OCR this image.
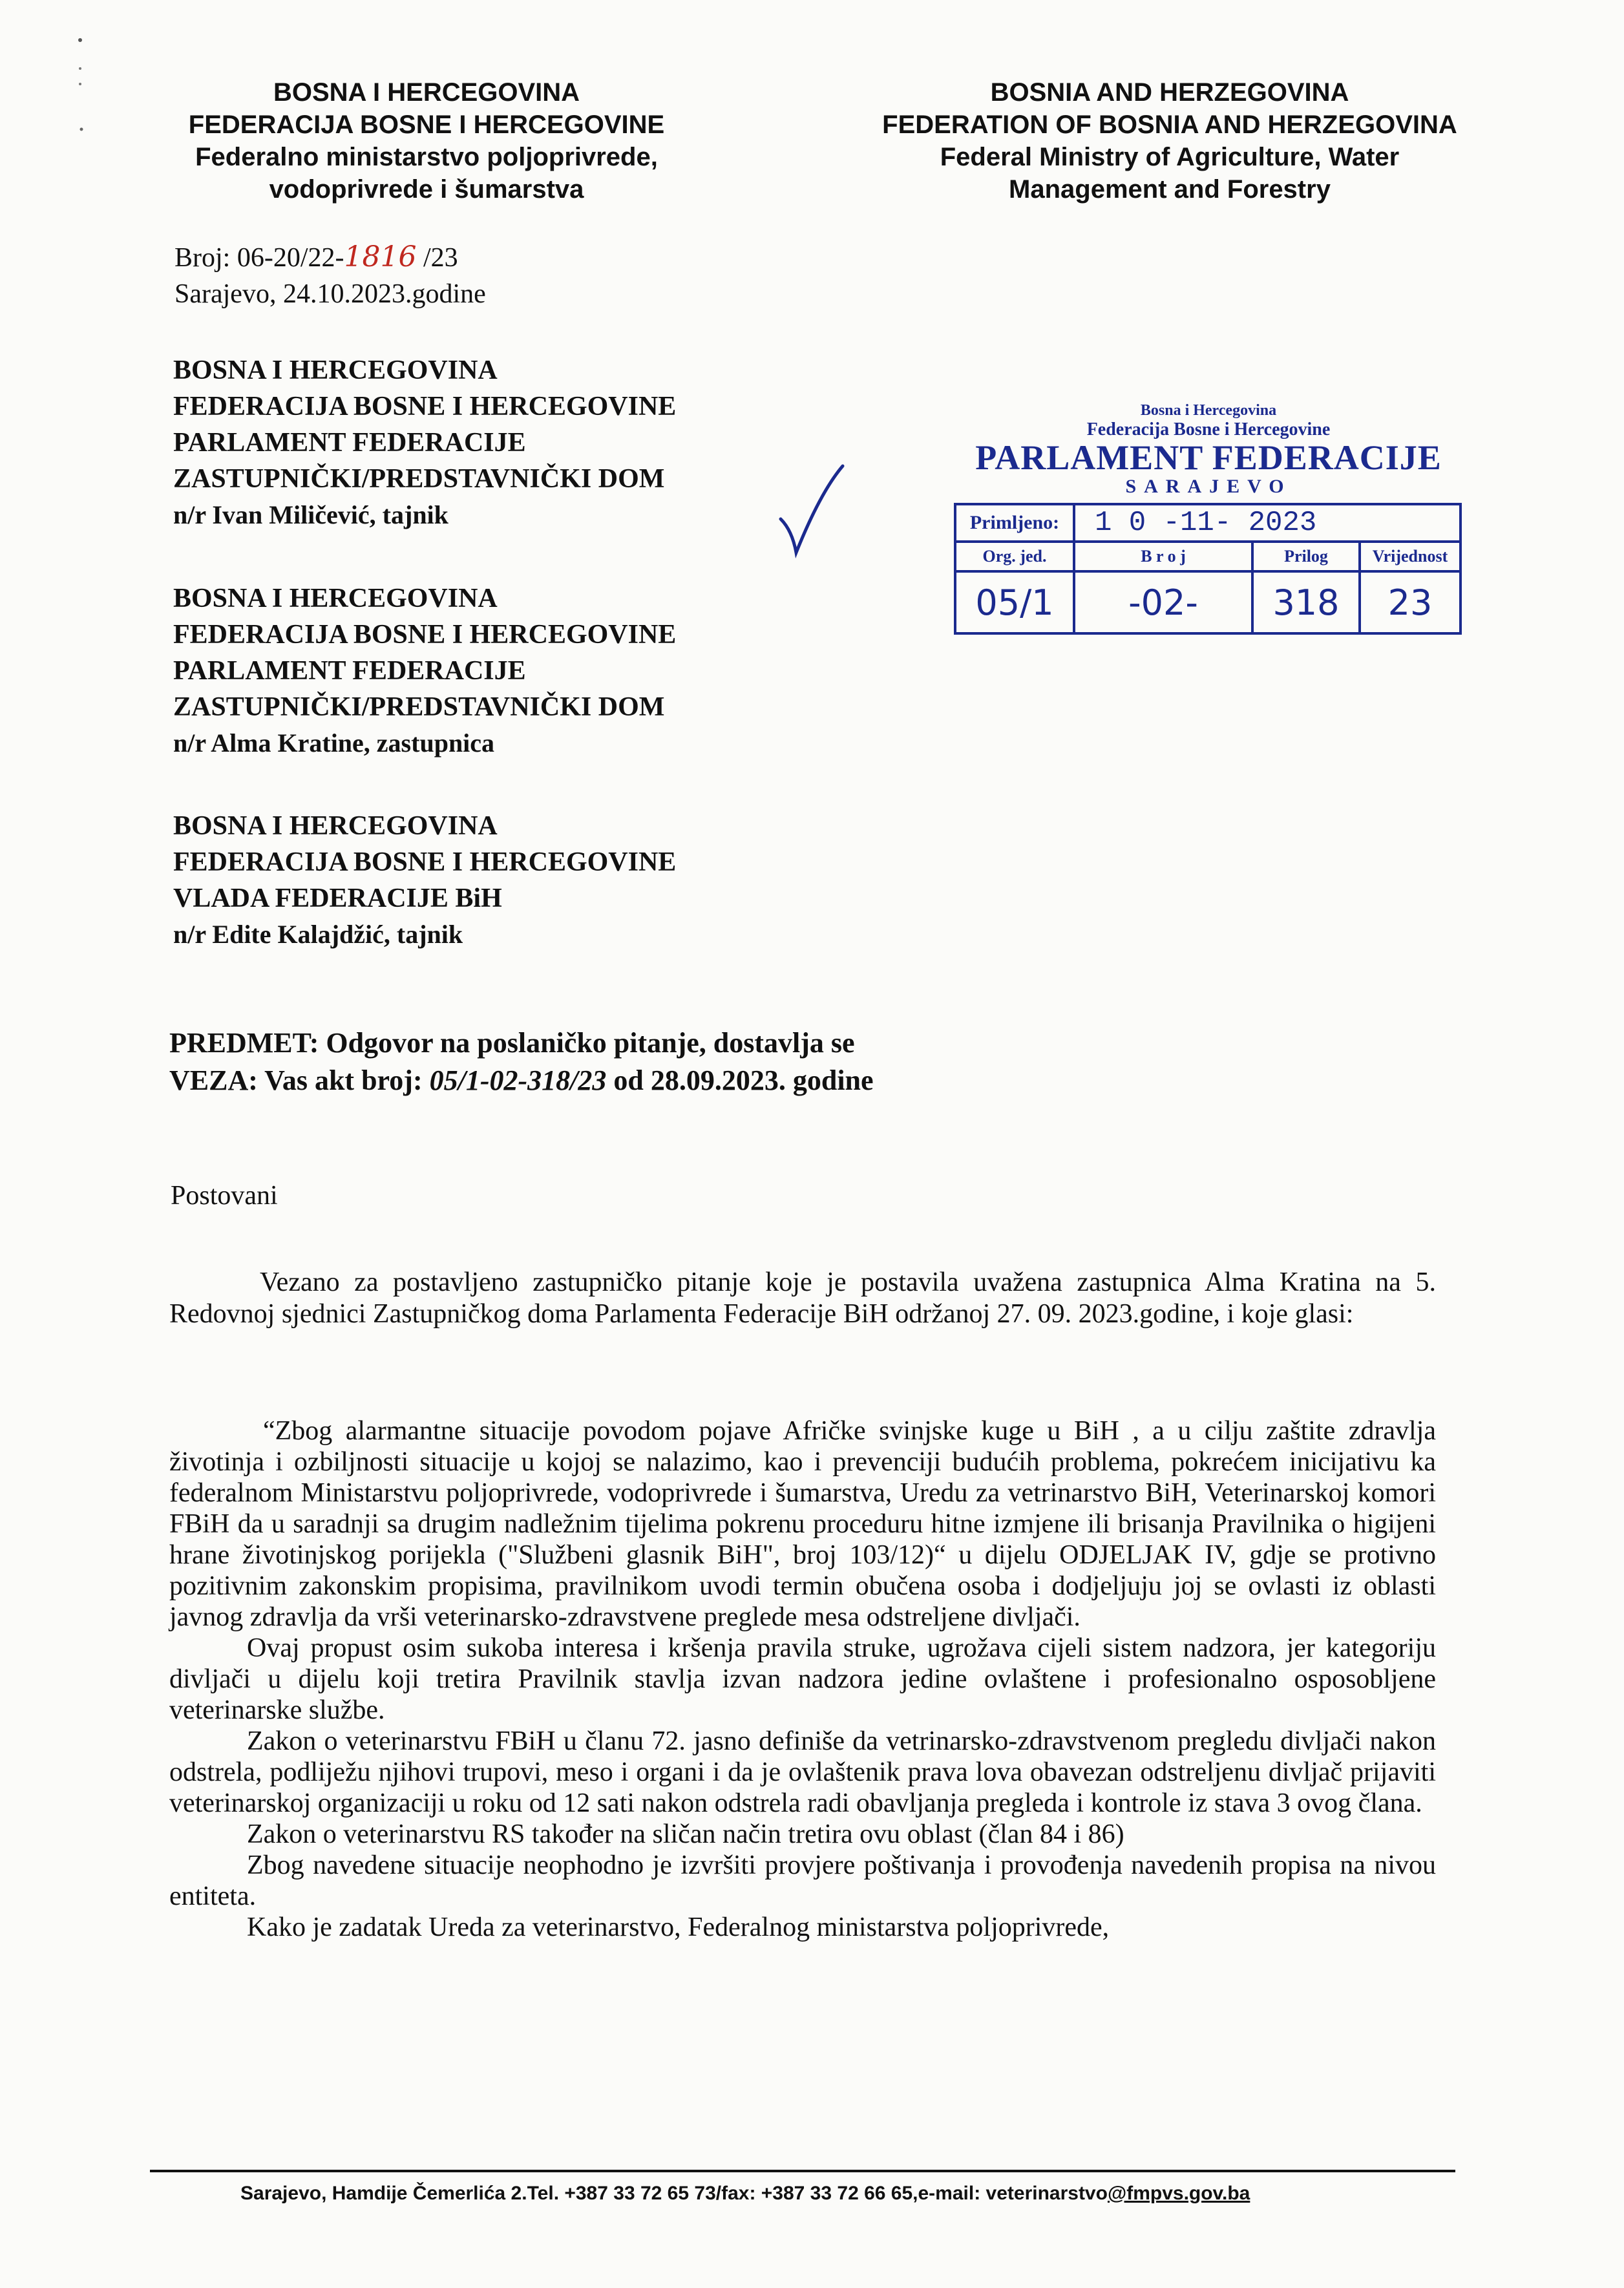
BOSNA I HERCEGOVINA
FEDERACIJA BOSNE I HERCEGOVINE
Federalno ministarstvo poljoprivrede,
vodoprivrede i šumarstva
BOSNIA AND HERZEGOVINA
FEDERATION OF BOSNIA AND HERZEGOVINA
Federal Ministry of Agriculture, Water
Management and Forestry
Broj: 06-20/22-1816 /23
Sarajevo, 24.10.2023.godine
BOSNA I HERCEGOVINA
FEDERACIJA BOSNE I HERCEGOVINE
PARLAMENT FEDERACIJE
ZASTUPNIČKI/PREDSTAVNIČKI DOM
n/r Ivan Miličević, tajnik
BOSNA I HERCEGOVINA
FEDERACIJA BOSNE I HERCEGOVINE
PARLAMENT FEDERACIJE
ZASTUPNIČKI/PREDSTAVNIČKI DOM
n/r Alma Kratine, zastupnica
BOSNA I HERCEGOVINA
FEDERACIJA BOSNE I HERCEGOVINE
VLADA FEDERACIJE BiH
n/r Edite Kalajdžić, tajnik
Bosna i Hercegovina
Federacija Bosne i Hercegovine
PARLAMENT FEDERACIJE
SARAJEVO
Primljeno:	1 0 -11- 2023
Org. jed.	B r o j	Prilog	Vrijednost
05/1	-02-	318	23
PREDMET: Odgovor na poslaničko pitanje, dostavlja se
VEZA: Vas akt broj: 05/1-02-318/23 od 28.09.2023. godine
Postovani

Vezano za postavljeno zastupničko pitanje koje je postavila uvažena zastupnica Alma Kratina na 5. Redovnoj sjednici Zastupničkog doma Parlamenta Federacije BiH održanoj 27. 09. 2023.godine, i koje glasi:

“Zbog alarmantne situacije povodom pojave Afričke svinjske kuge u BiH , a u cilju zaštite zdravlja životinja i ozbiljnosti situacije u kojoj se nalazimo, kao i prevenciji budućih problema, pokrećem inicijativu ka federalnom Ministarstvu poljoprivrede, vodoprivrede i šumarstva, Uredu za vetrinarstvo BiH, Veterinarskoj komori FBiH da u saradnji sa drugim nadležnim tijelima pokrenu proceduru hitne izmjene ili brisanja Pravilnika o higijeni hrane životinjskog porijekla ("Službeni glasnik BiH", broj 103/12)“ u dijelu ODJELJAK IV, gdje se protivno pozitivnim zakonskim propisima, pravilnikom uvodi termin obučena osoba i dodjeljuju joj se ovlasti iz oblasti javnog zdravlja da vrši veterinarsko-zdravstvene preglede mesa odstreljene divljači.

Ovaj propust osim sukoba interesa i kršenja pravila struke, ugrožava cijeli sistem nadzora, jer kategoriju divljači u dijelu koji tretira Pravilnik stavlja izvan nadzora jedine ovlaštene i profesionalno osposobljene veterinarske službe.

Zakon o veterinarstvu FBiH u članu 72. jasno definiše da vetrinarsko-zdravstvenom pregledu divljači nakon odstrela, podliježu njihovi trupovi, meso i organi i da je ovlaštenik prava lova obavezan odstreljenu divljač prijaviti veterinarskoj organizaciji u roku od 12 sati nakon odstrela radi obavljanja pregleda i kontrole iz stava 3 ovog člana.

Zakon o veterinarstvu RS također na sličan način tretira ovu oblast (član 84 i 86)

Zbog navedene situacije neophodno je izvršiti provjere poštivanja i provođenja navedenih propisa na nivou entiteta.

Kako je zadatak Ureda za veterinarstvo, Federalnog ministarstva poljoprivrede,

Sarajevo, Hamdije Čemerlića 2.Tel. +387 33 72 65 73/fax: +387 33 72 66 65,e-mail: veterinarstvo@fmpvs.gov.ba
